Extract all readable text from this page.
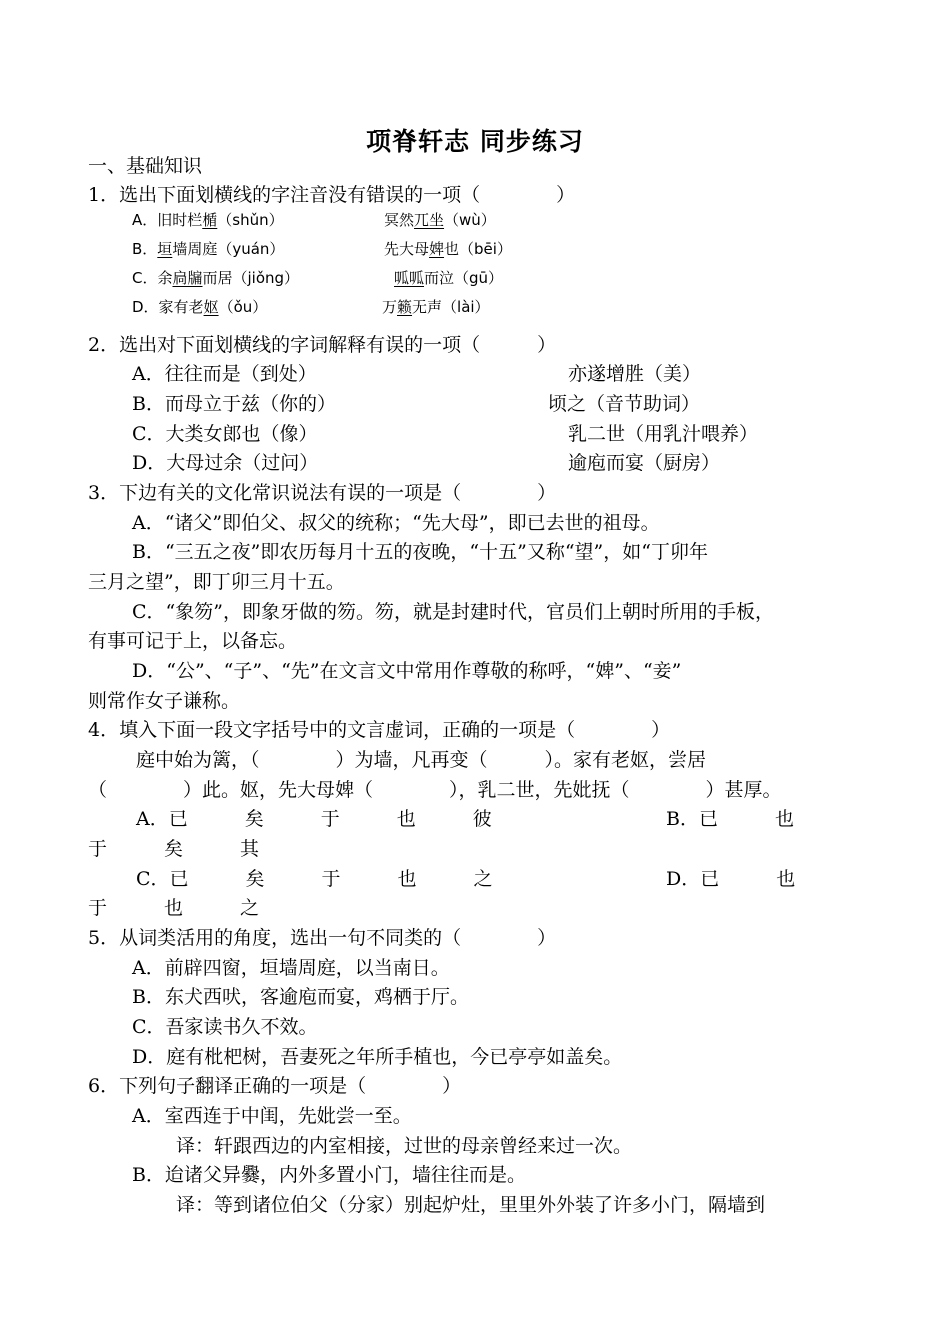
项脊轩志 同步练习
一、基础知识
1．选出下面划横线的字注音没有错误的一项（　　　　）
A．旧时栏楯（shǔn）	冥然兀坐（wù）
B．垣墙周庭（yuán）	先大母婢也（bēi）
C．余扃牖而居（jiǒng）	呱呱而泣（gū）
D．家有老妪（ǒu）	万籁无声（lài）
2．选出对下面划横线的字词解释有误的一项（　　　）
A．往往而是（到处）	亦遂增胜（美）
B．而母立于兹（你的）	顷之（音节助词）
C．大类女郎也（像）	乳二世（用乳汁喂养）
D．大母过余（过问）	逾庖而宴（厨房）
3．下边有关的文化常识说法有误的一项是（　　　　）
A．“诸父”即伯父、叔父的统称；“先大母”，即已去世的祖母。
B．“三五之夜”即农历每月十五的夜晚，“十五”又称“望”，如“丁卯年
三月之望”，即丁卯三月十五。
C．“象笏”，即象牙做的笏。笏，就是封建时代，官员们上朝时所用的手板，
有事可记于上，以备忘。
D．“公”、“子”、“先”在文言文中常用作尊敬的称呼，“婢”、“妾”
则常作女子谦称。
4．填入下面一段文字括号中的文言虚词，正确的一项是（　　　　）
庭中始为篱，（　　　　）为墙，凡再变（　　　）。家有老妪，尝居
（　　　　）此。妪，先大母婢（　　　　），乳二世，先妣抚（　　　　）甚厚。
A．已　　　矣　　　于　　　也　　　彼	B．已　　　也
于　　　矣　　　其
C．已　　　矣　　　于　　　也　　　之	D．已　　　也
于　　　也　　　之
5．从词类活用的角度，选出一句不同类的（　　　　）
A．前辟四窗，垣墙周庭，以当南日。
B．东犬西吠，客逾庖而宴，鸡栖于厅。
C．吾家读书久不效。
D．庭有枇杷树，吾妻死之年所手植也，今已亭亭如盖矣。
6．下列句子翻译正确的一项是（　　　　）
A．室西连于中闺，先妣尝一至。
译：轩跟西边的内室相接，过世的母亲曾经来过一次。
B．迨诸父异爨，内外多置小门，墙往往而是。
译：等到诸位伯父（分家）别起炉灶，里里外外装了许多小门，隔墙到
